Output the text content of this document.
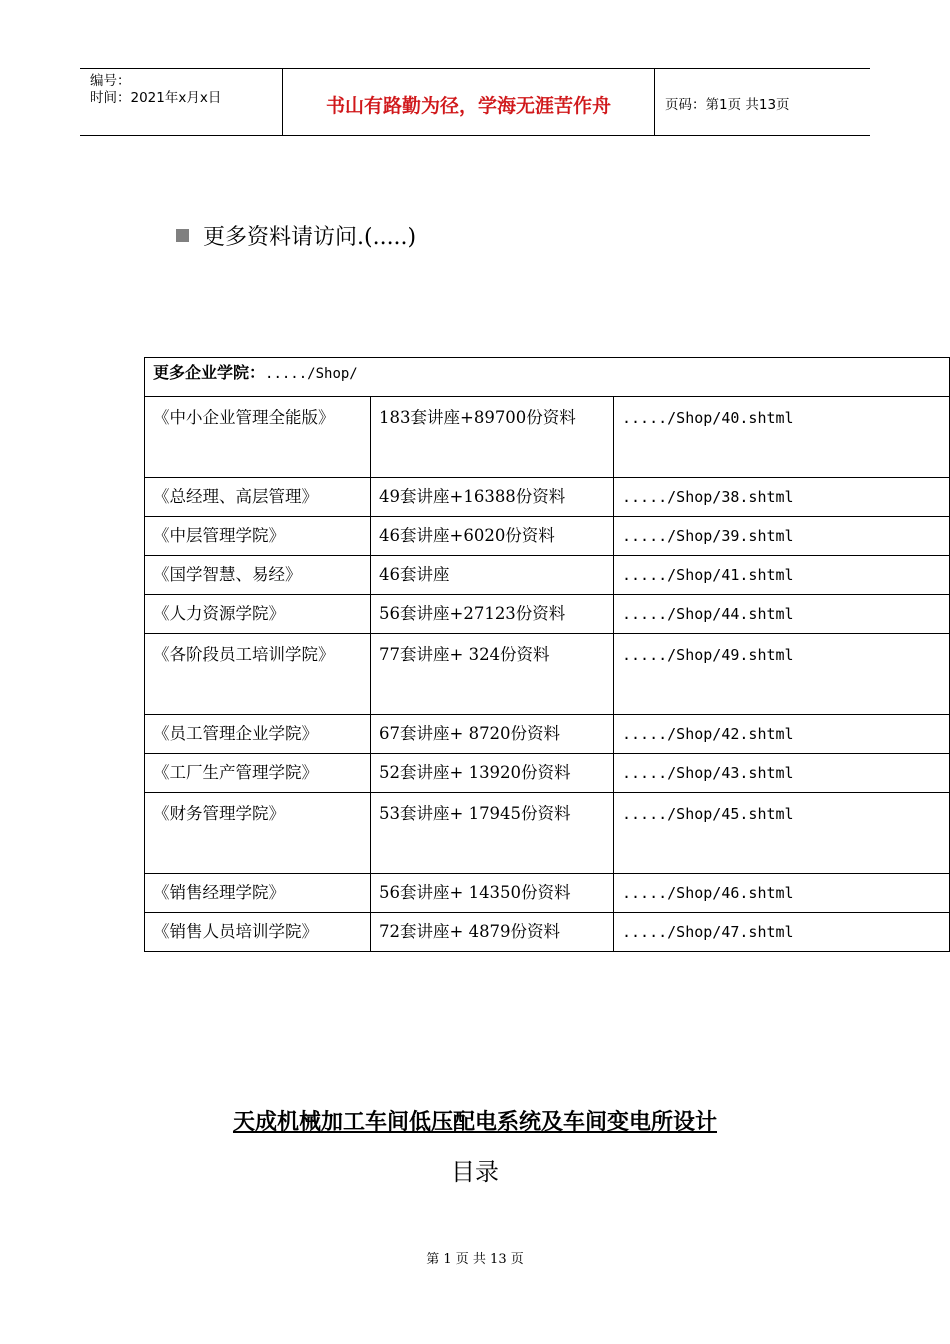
编号：
时间：2021年x月x日	书山有路勤为径，学海无涯苦作舟	页码：第1页 共13页
更多资料请访问.(.....)
更多企业学院：...../Shop/		
《中小企业管理全能版》	183套讲座+89700份资料	...../Shop/40.shtml
《总经理、高层管理》	49套讲座+16388份资料	...../Shop/38.shtml
《中层管理学院》	46套讲座+6020份资料	...../Shop/39.shtml
《国学智慧、易经》	46套讲座	...../Shop/41.shtml
《人力资源学院》	56套讲座+27123份资料	...../Shop/44.shtml
《各阶段员工培训学院》	77套讲座+ 324份资料	...../Shop/49.shtml
《员工管理企业学院》	67套讲座+ 8720份资料	...../Shop/42.shtml
《工厂生产管理学院》	52套讲座+ 13920份资料	...../Shop/43.shtml
《财务管理学院》	53套讲座+ 17945份资料	...../Shop/45.shtml
《销售经理学院》	56套讲座+ 14350份资料	...../Shop/46.shtml
《销售人员培训学院》	72套讲座+ 4879份资料	...../Shop/47.shtml
天成机械加工车间低压配电系统及车间变电所设计
目录
第 1 页 共 13 页
